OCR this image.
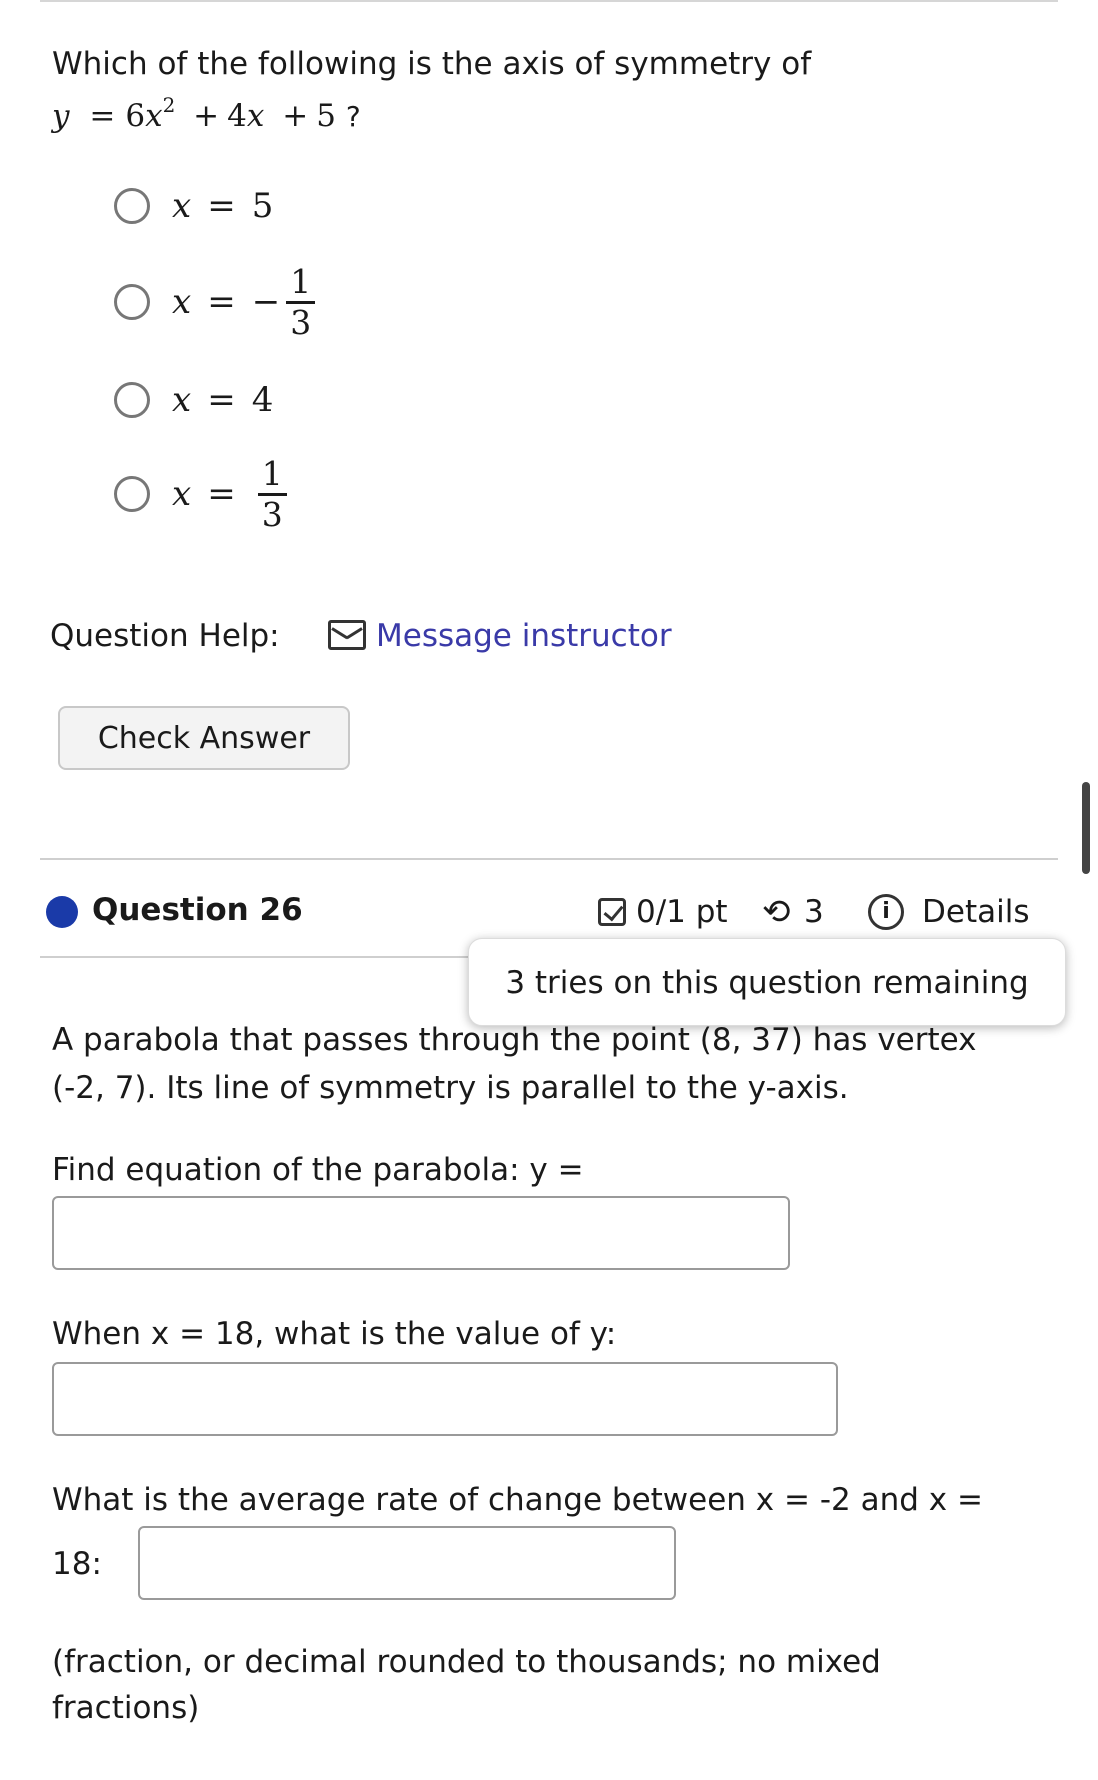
Which of the following is the axis of symmetry of
$y = 6x^2 + 4x + 5$ ?
x = 5
x = − $\frac{1}{3}$
x = 4
$x = \frac{1}{3}$
Question Help:	Message instructor
Check Answer
Question 26	0/1 pt ⟲ 3	i	Details
3 tries on this question remaining
A parabola that passes through the point (8, 37) has vertex
(-2, 7). Its line of symmetry is parallel to the y-axis.
Find equation of the parabola: y =
When x = 18, what is the value of y:
What is the average rate of change between x = -2 and x =
18:
(fraction, or decimal rounded to thousands; no mixed
fractions)
